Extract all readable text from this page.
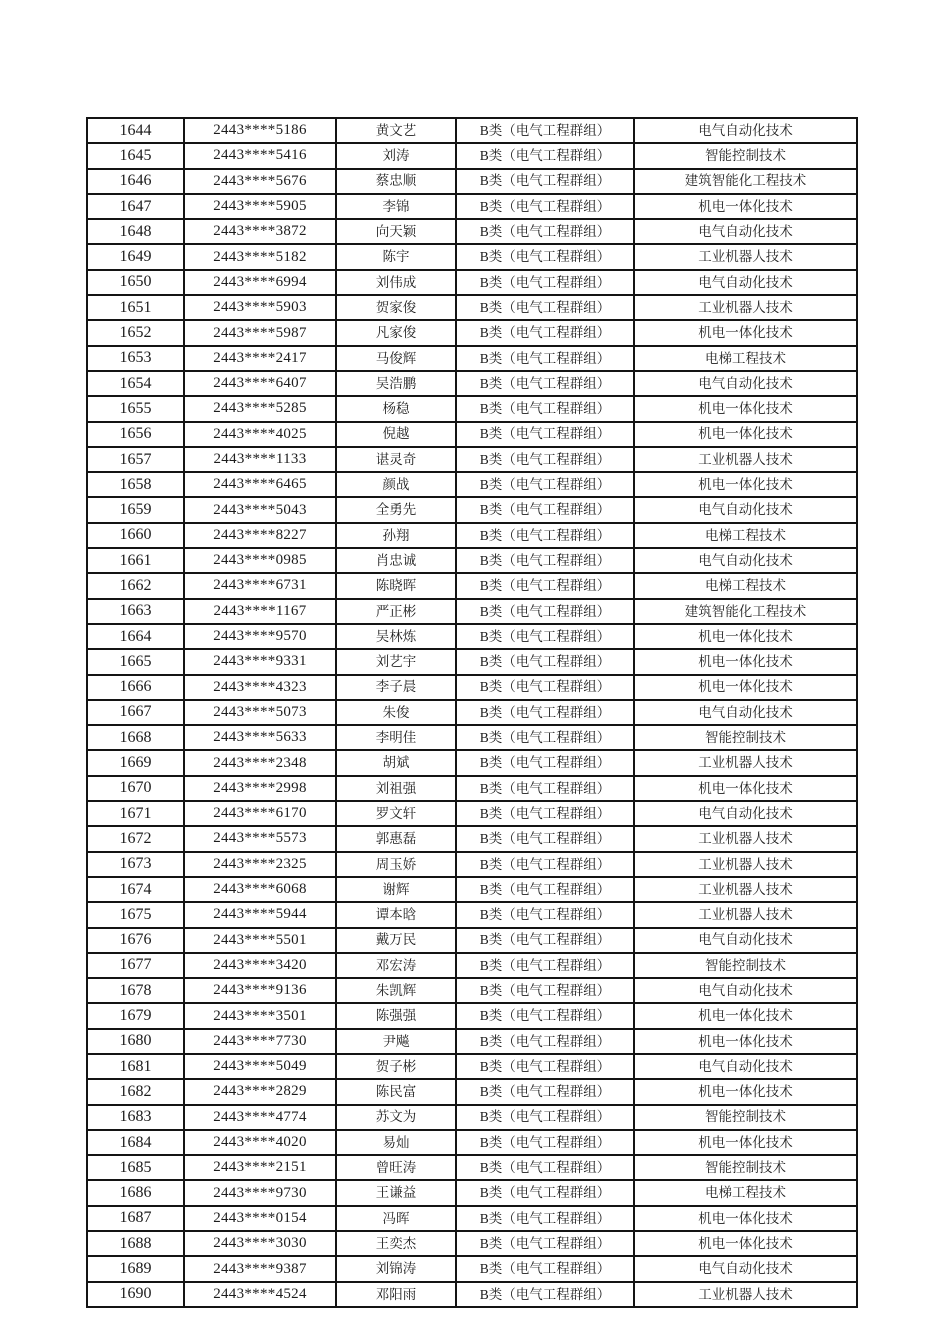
1644	2443****5186	黄文艺	B类（电气工程群组）	电气自动化技术
1645	2443****5416	刘涛	B类（电气工程群组）	智能控制技术
1646	2443****5676	蔡忠顺	B类（电气工程群组）	建筑智能化工程技术
1647	2443****5905	李锦	B类（电气工程群组）	机电一体化技术
1648	2443****3872	向天颖	B类（电气工程群组）	电气自动化技术
1649	2443****5182	陈宇	B类（电气工程群组）	工业机器人技术
1650	2443****6994	刘伟成	B类（电气工程群组）	电气自动化技术
1651	2443****5903	贺家俊	B类（电气工程群组）	工业机器人技术
1652	2443****5987	凡家俊	B类（电气工程群组）	机电一体化技术
1653	2443****2417	马俊辉	B类（电气工程群组）	电梯工程技术
1654	2443****6407	吴浩鹏	B类（电气工程群组）	电气自动化技术
1655	2443****5285	杨稳	B类（电气工程群组）	机电一体化技术
1656	2443****4025	倪越	B类（电气工程群组）	机电一体化技术
1657	2443****1133	谌灵奇	B类（电气工程群组）	工业机器人技术
1658	2443****6465	颜战	B类（电气工程群组）	机电一体化技术
1659	2443****5043	全勇先	B类（电气工程群组）	电气自动化技术
1660	2443****8227	孙翔	B类（电气工程群组）	电梯工程技术
1661	2443****0985	肖忠诚	B类（电气工程群组）	电气自动化技术
1662	2443****6731	陈晓晖	B类（电气工程群组）	电梯工程技术
1663	2443****1167	严正彬	B类（电气工程群组）	建筑智能化工程技术
1664	2443****9570	吴林炼	B类（电气工程群组）	机电一体化技术
1665	2443****9331	刘艺宇	B类（电气工程群组）	机电一体化技术
1666	2443****4323	李子晨	B类（电气工程群组）	机电一体化技术
1667	2443****5073	朱俊	B类（电气工程群组）	电气自动化技术
1668	2443****5633	李明佳	B类（电气工程群组）	智能控制技术
1669	2443****2348	胡斌	B类（电气工程群组）	工业机器人技术
1670	2443****2998	刘祖强	B类（电气工程群组）	机电一体化技术
1671	2443****6170	罗文轩	B类（电气工程群组）	电气自动化技术
1672	2443****5573	郭惠磊	B类（电气工程群组）	工业机器人技术
1673	2443****2325	周玉娇	B类（电气工程群组）	工业机器人技术
1674	2443****6068	谢辉	B类（电气工程群组）	工业机器人技术
1675	2443****5944	谭本晗	B类（电气工程群组）	工业机器人技术
1676	2443****5501	戴万民	B类（电气工程群组）	电气自动化技术
1677	2443****3420	邓宏涛	B类（电气工程群组）	智能控制技术
1678	2443****9136	朱凯辉	B类（电气工程群组）	电气自动化技术
1679	2443****3501	陈强强	B类（电气工程群组）	机电一体化技术
1680	2443****7730	尹飚	B类（电气工程群组）	机电一体化技术
1681	2443****5049	贺子彬	B类（电气工程群组）	电气自动化技术
1682	2443****2829	陈民富	B类（电气工程群组）	机电一体化技术
1683	2443****4774	苏文为	B类（电气工程群组）	智能控制技术
1684	2443****4020	易灿	B类（电气工程群组）	机电一体化技术
1685	2443****2151	曾旺涛	B类（电气工程群组）	智能控制技术
1686	2443****9730	王谦益	B类（电气工程群组）	电梯工程技术
1687	2443****0154	冯晖	B类（电气工程群组）	机电一体化技术
1688	2443****3030	王奕杰	B类（电气工程群组）	机电一体化技术
1689	2443****9387	刘锦涛	B类（电气工程群组）	电气自动化技术
1690	2443****4524	邓阳雨	B类（电气工程群组）	工业机器人技术
